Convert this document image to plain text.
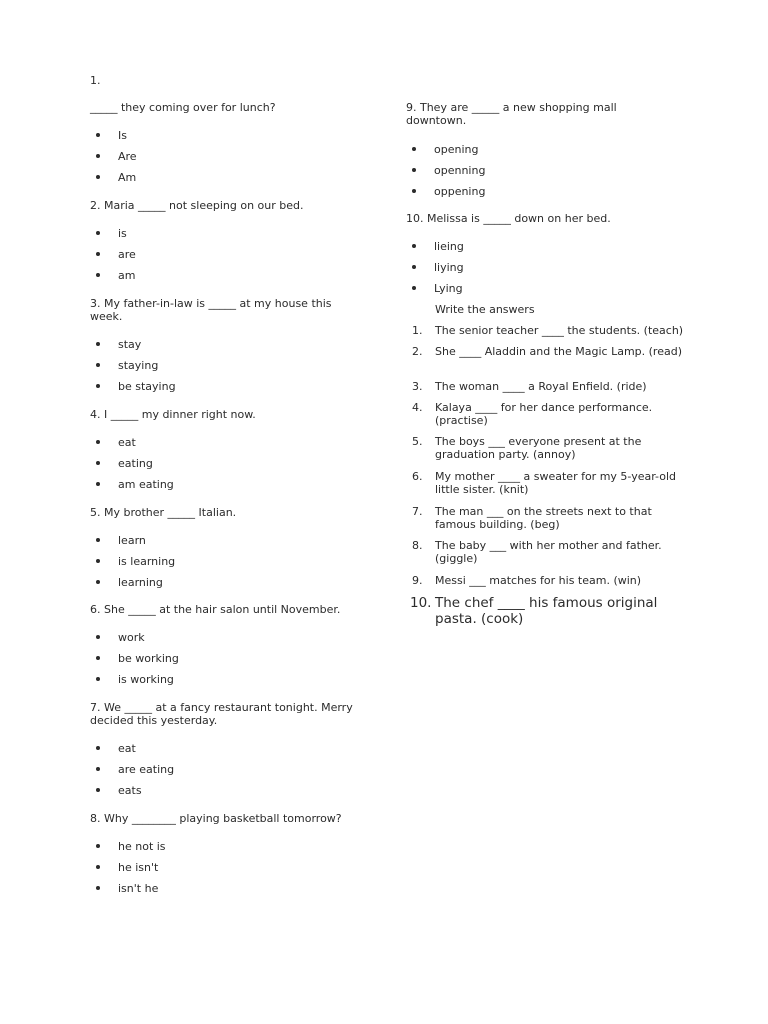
1.
_____ they coming over for lunch?
Is
Are
Am
2. Maria _____ not sleeping on our bed.
is
are
am
3. My father-in-law is _____ at my house this week.
stay
staying
be staying
4. I _____ my dinner right now.
eat
eating
am eating
5. My brother _____ Italian.
learn
is learning
learning
6. She _____ at the hair salon until November.
work
be working
is working
7. We _____ at a fancy restaurant tonight. Merry decided this yesterday.
eat
are eating
eats
8. Why ________ playing basketball tomorrow?
he not is
he isn't
isn't he
9. They are _____ a new shopping mall downtown.
opening
openning
oppening
10. Melissa is _____ down on her bed.
lieing
liying
Lying
Write the answers
1. The senior teacher ____ the students. (teach)
2. She ____ Aladdin and the Magic Lamp. (read)
3. The woman ____ a Royal Enfield. (ride)
4. Kalaya ____ for her dance performance. (practise)
5. The boys ___ everyone present at the graduation party. (annoy)
6. My mother ____ a sweater for my 5-year-old little sister. (knit)
7. The man ___ on the streets next to that famous building. (beg)
8. The baby ___ with her mother and father. (giggle)
9. Messi ___ matches for his team. (win)
10. The chef ____ his famous original pasta. (cook)
